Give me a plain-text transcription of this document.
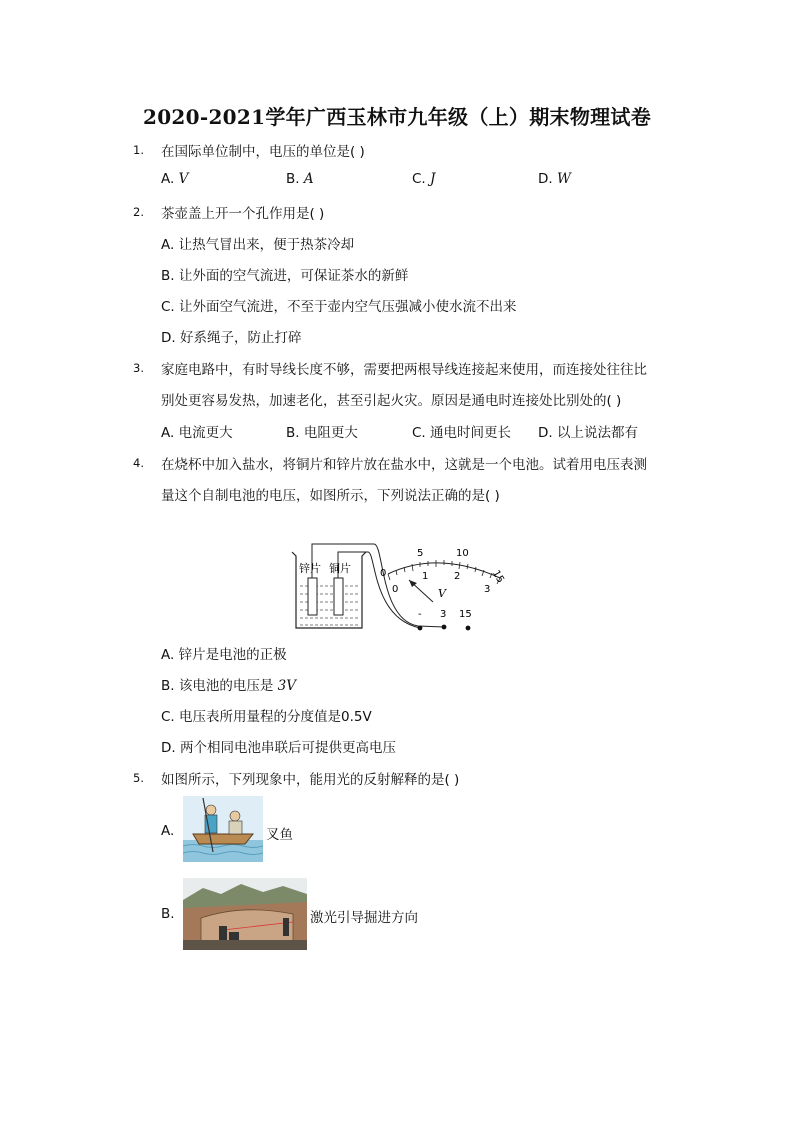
2020-2021学年广西玉林市九年级（上）期末物理试卷
1. 在国际单位制中，电压的单位是( )
A. V	B. A	C. J	D. W
2. 茶壶盖上开一个孔作用是( )
A. 让热气冒出来，便于热茶冷却
B. 让外面的空气流进，可保证茶水的新鲜
C. 让外面空气流进，不至于壶内空气压强减小使水流不出来
D. 好系绳子，防止打碎
3. 家庭电路中，有时导线长度不够，需要把两根导线连接起来使用，而连接处往往比
别处更容易发热，加速老化，甚至引起火灾。原因是通电时连接处比别处的( )
A. 电流更大	B. 电阻更大	C. 通电时间更长 D. 以上说法都有
4. 在烧杯中加入盐水，将铜片和锌片放在盐水中，这就是一个电池。试着用电压表测
量这个自制电池的电压，如图所示，下列说法正确的是( )
锌片 铜片	0
5	10
15
0
1	2
3
V
- 3 15
A. 锌片是电池的正极
B. 该电池的电压是 3V
C. 电压表所用量程的分度值是0.5V
D. 两个相同电池串联后可提供更高电压
5. 如图所示，下列现象中，能用光的反射解释的是( )
A.	叉鱼
B.	激光引导掘进方向
